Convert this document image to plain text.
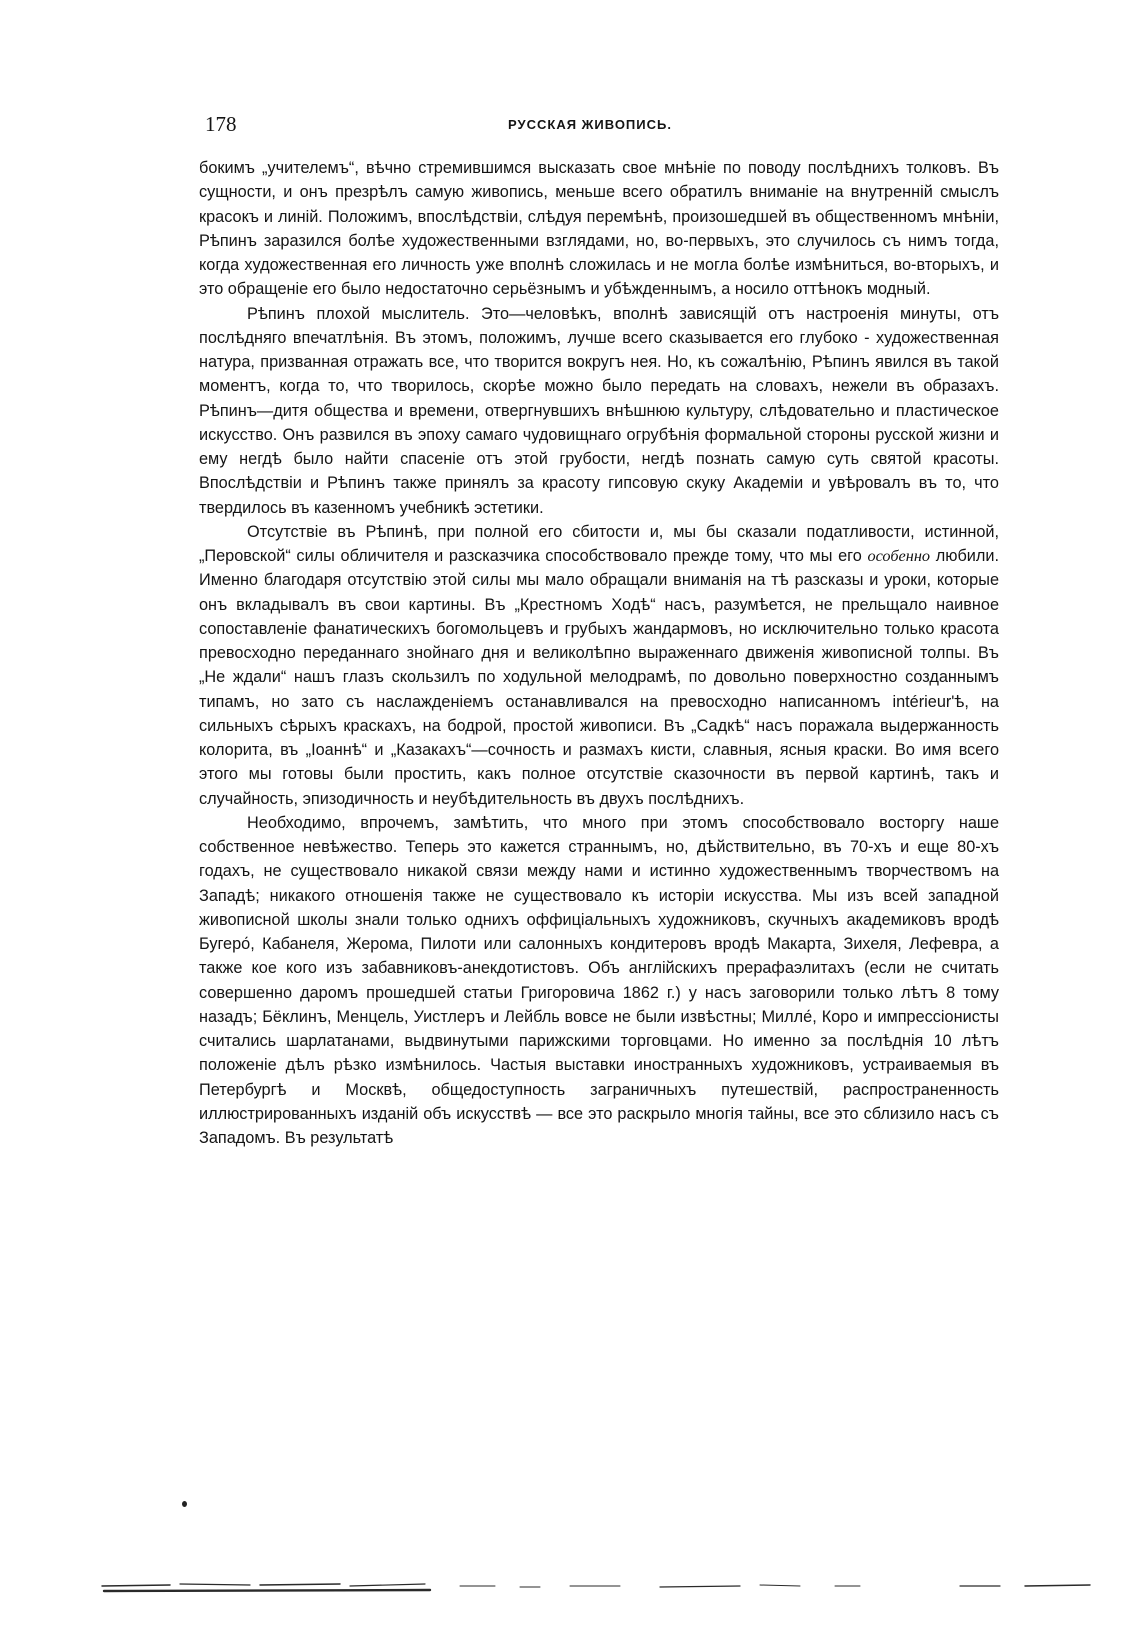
178	РУССКАЯ ЖИВОПИСЬ.

бокимъ „учителемъ“, вѣчно стремившимся высказать свое мнѣніе по поводу послѣднихъ толковъ. Въ сущности, и онъ презрѣлъ самую живопись, меньше всего обратилъ вниманіе на внутренній смыслъ красокъ и линій. Положимъ, впослѣдствіи, слѣдуя перемѣнѣ, произошедшей въ общественномъ мнѣніи, Рѣпинъ заразился болѣе художественными взглядами, но, во-первыхъ, это случилось съ нимъ тогда, когда художественная его личность уже вполнѣ сложилась и не могла болѣе измѣниться, во-вторыхъ, и это обращеніе его было недостаточно серьёзнымъ и убѣжденнымъ, а носило оттѣнокъ модный.

Рѣпинъ плохой мыслитель. Это—человѣкъ, вполнѣ зависящій отъ настроенія минуты, отъ послѣдняго впечатлѣнія. Въ этомъ, положимъ, лучше всего сказывается его глубоко - художественная натура, призванная отражать все, что творится вокругъ нея. Но, къ сожалѣнію, Рѣпинъ явился въ такой моментъ, когда то, что творилось, скорѣе можно было передать на словахъ, нежели въ образахъ. Рѣпинъ—дитя общества и времени, отвергнувшихъ внѣшнюю культуру, слѣдовательно и пластическое искусство. Онъ развился въ эпоху самаго чудовищнаго огрубѣнія формальной стороны русской жизни и ему негдѣ было найти спасеніе отъ этой грубости, негдѣ познать самую суть святой красоты. Впослѣдствіи и Рѣпинъ также принялъ за красоту гипсовую скуку Академіи и увѣровалъ въ то, что твердилось въ казенномъ учебникѣ эстетики.

Отсутствіе въ Рѣпинѣ, при полной его сбитости и, мы бы сказали податливости, истинной, „Перовской“ силы обличителя и разсказчика способствовало прежде тому, что мы его особенно любили. Именно благодаря отсутствію этой силы мы мало обращали вниманія на тѣ разсказы и уроки, которые онъ вкладывалъ въ свои картины. Въ „Крестномъ Ходѣ“ насъ, разумѣется, не прельщало наивное сопоставленіе фанатическихъ богомольцевъ и грубыхъ жандармовъ, но исключительно только красота превосходно переданнаго знойнаго дня и великолѣпно выраженнаго движенія живописной толпы. Въ „Не ждали“ нашъ глазъ скользилъ по ходульной мелодрамѣ, по довольно поверхностно созданнымъ типамъ, но зато съ наслажденіемъ останавливался на превосходно написанномъ intérieur'ѣ, на сильныхъ сѣрыхъ краскахъ, на бодрой, простой живописи. Въ „Садкѣ“ насъ поражала выдержанность колорита, въ „Іоаннѣ“ и „Казакахъ“—сочность и размахъ кисти, славныя, ясныя краски. Во имя всего этого мы готовы были простить, какъ полное отсутствіе сказочности въ первой картинѣ, такъ и случайность, эпизодичность и неубѣдительность въ двухъ послѣднихъ.

Необходимо, впрочемъ, замѣтить, что много при этомъ способствовало восторгу наше собственное невѣжество. Теперь это кажется страннымъ, но, дѣйствительно, въ 70-хъ и еще 80-хъ годахъ, не существовало никакой связи между нами и истинно художественнымъ творчествомъ на Западѣ; никакого отношенія также не существовало къ исторіи искусства. Мы изъ всей западной живописной школы знали только одниxъ оффиціальныхъ художниковъ, скучныхъ академиковъ вродѣ Бугеро́, Кабанеля, Жерома, Пилоти или салонныхъ кондитеровъ вродѣ Макарта, Зихеля, Лефевра, а также кое кого изъ забавниковъ-анекдотистовъ. Объ англійскихъ прерафаэлитахъ (если не считать совершенно даромъ прошедшей статьи Григоровича 1862 г.) у насъ заговорили только лѣтъ 8 тому назадъ; Бёклинъ, Менцель, Уистлеръ и Лейбль вовсе не были извѣстны; Милле́, Коро и импрессіонисты считались шарлатанами, выдвинутыми парижскими торговцами. Но именно за послѣднія 10 лѣтъ положеніе дѣлъ рѣзко измѣнилось. Частыя выставки иностранныхъ художниковъ, устраиваемыя въ Петербургѣ и Москвѣ, общедоступность заграничныхъ путешествій, распространенность иллюстрированныхъ изданій объ искусствѣ — все это раскрыло многія тайны, все это сблизило насъ съ Западомъ. Въ результатѣ
